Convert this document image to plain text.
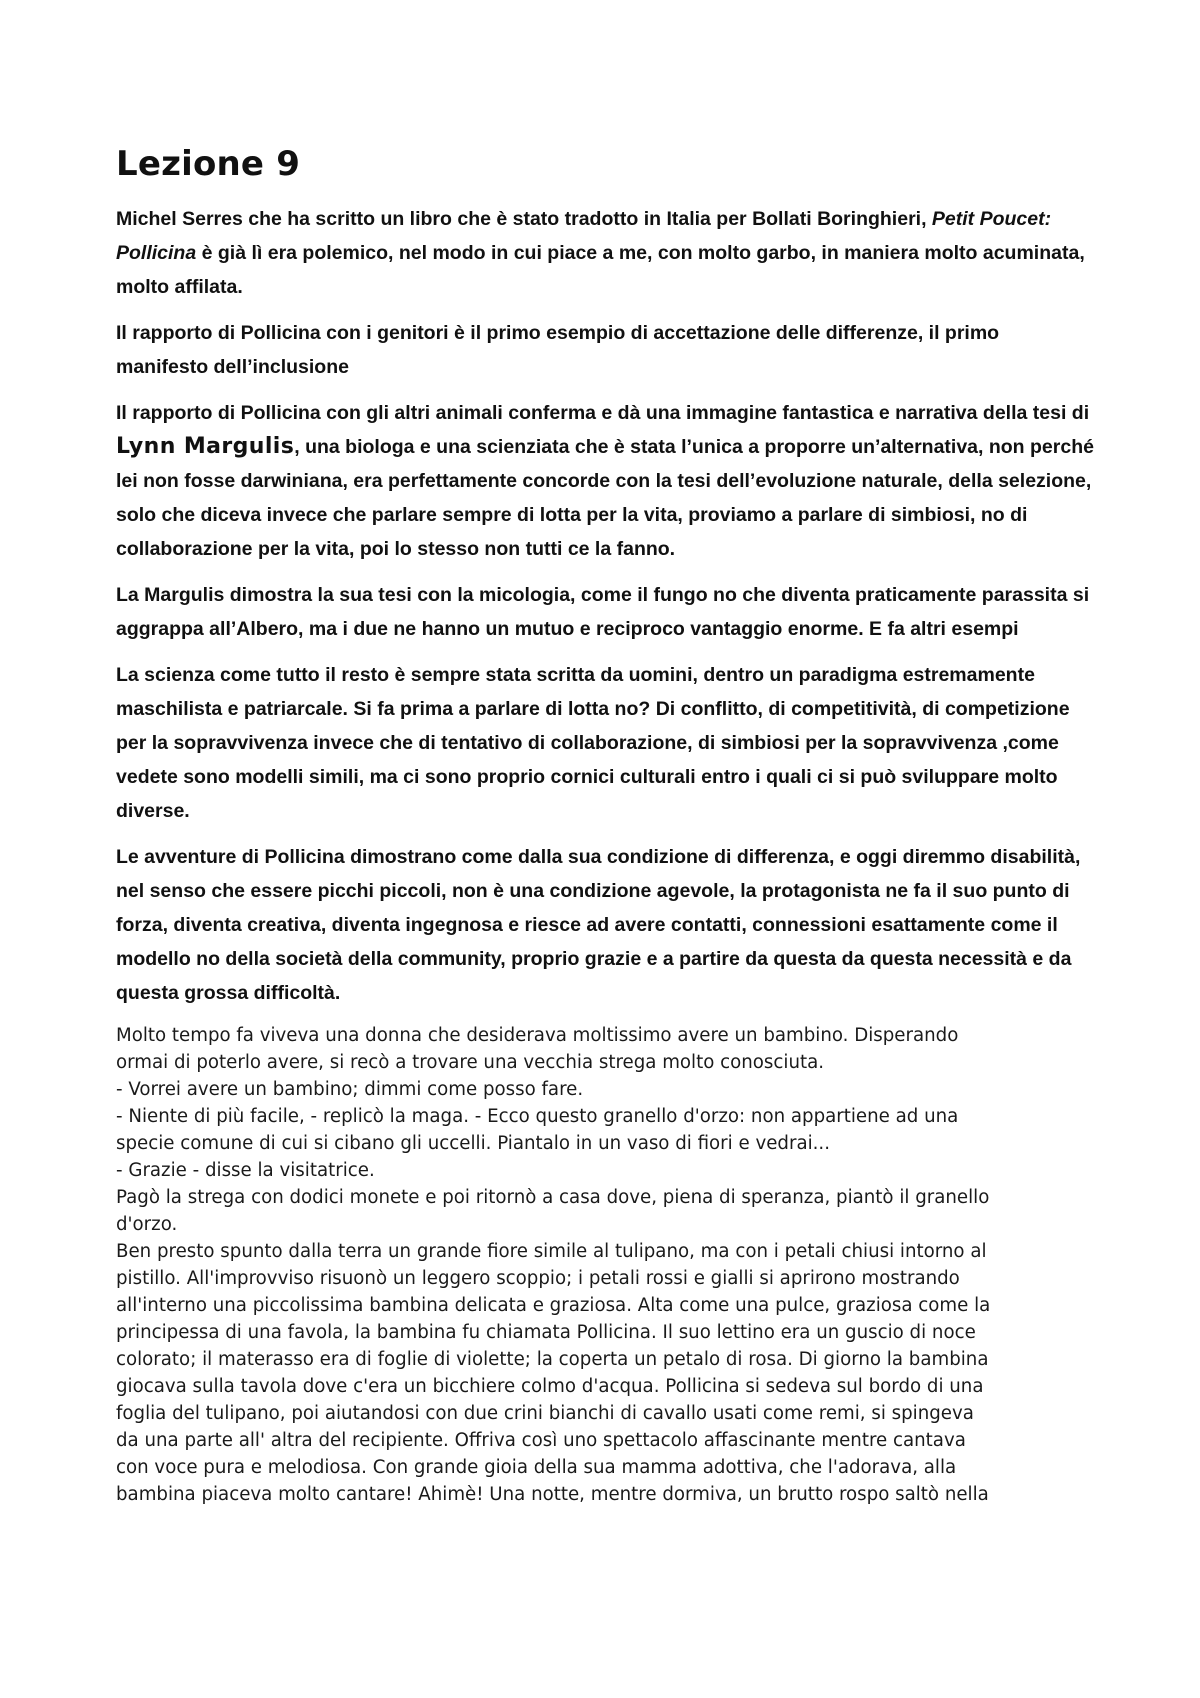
Lezione 9

Michel Serres che ha scritto un libro che è stato tradotto in Italia per Bollati Boringhieri, Petit Poucet: Pollicina è già lì era polemico, nel modo in cui piace a me, con molto garbo, in maniera molto acuminata, molto affilata.

Il rapporto di Pollicina con i genitori è il primo esempio di accettazione delle differenze, il primo manifesto dell’inclusione

Il rapporto di Pollicina con gli altri animali conferma e dà una immagine fantastica e narrativa della tesi di Lynn Margulis, una biologa e una scienziata che è stata l’unica a proporre un’alternativa, non perché lei non fosse darwiniana, era perfettamente concorde con la tesi dell’evoluzione naturale, della selezione, solo che diceva invece che parlare sempre di lotta per la vita, proviamo a parlare di simbiosi, no di collaborazione per la vita, poi lo stesso non tutti ce la fanno.

La Margulis dimostra la sua tesi con la micologia, come il fungo no che diventa praticamente parassita si aggrappa all’Albero, ma i due ne hanno un mutuo e reciproco vantaggio enorme. E fa altri esempi

La scienza come tutto il resto è sempre stata scritta da uomini, dentro un paradigma estremamente maschilista e patriarcale. Si fa prima a parlare di lotta no? Di conflitto, di competitività, di competizione per la sopravvivenza invece che di tentativo di collaborazione, di simbiosi per la sopravvivenza ,come vedete sono modelli simili, ma ci sono proprio cornici culturali entro i quali ci si può sviluppare molto diverse.

Le avventure di Pollicina dimostrano come dalla sua condizione di differenza, e oggi diremmo disabilità, nel senso che essere picchi piccoli, non è una condizione agevole, la protagonista ne fa il suo punto di forza, diventa creativa, diventa ingegnosa e riesce ad avere contatti, connessioni esattamente come il modello no della società della community, proprio grazie e a partire da questa da questa necessità e da questa grossa difficoltà.

Molto tempo fa viveva una donna che desiderava moltissimo avere un bambino. Disperando
ormai di poterlo avere, si recò a trovare una vecchia strega molto conosciuta.
- Vorrei avere un bambino; dimmi come posso fare.
- Niente di più facile, - replicò la maga. - Ecco questo granello d'orzo: non appartiene ad una
specie comune di cui si cibano gli uccelli. Piantalo in un vaso di fiori e vedrai...
- Grazie - disse la visitatrice.
Pagò la strega con dodici monete e poi ritornò a casa dove, piena di speranza, piantò il granello
d'orzo.
Ben presto spunto dalla terra un grande fiore simile al tulipano, ma con i petali chiusi intorno al
pistillo. All'improvviso risuonò un leggero scoppio; i petali rossi e gialli si aprirono mostrando
all'interno una piccolissima bambina delicata e graziosa. Alta come una pulce, graziosa come la
principessa di una favola, la bambina fu chiamata Pollicina. Il suo lettino era un guscio di noce
colorato; il materasso era di foglie di violette; la coperta un petalo di rosa. Di giorno la bambina
giocava sulla tavola dove c'era un bicchiere colmo d'acqua. Pollicina si sedeva sul bordo di una
foglia del tulipano, poi aiutandosi con due crini bianchi di cavallo usati come remi, si spingeva
da una parte all' altra del recipiente. Offriva così uno spettacolo affascinante mentre cantava
con voce pura e melodiosa. Con grande gioia della sua mamma adottiva, che l'adorava, alla
bambina piaceva molto cantare! Ahimè! Una notte, mentre dormiva, un brutto rospo saltò nella
